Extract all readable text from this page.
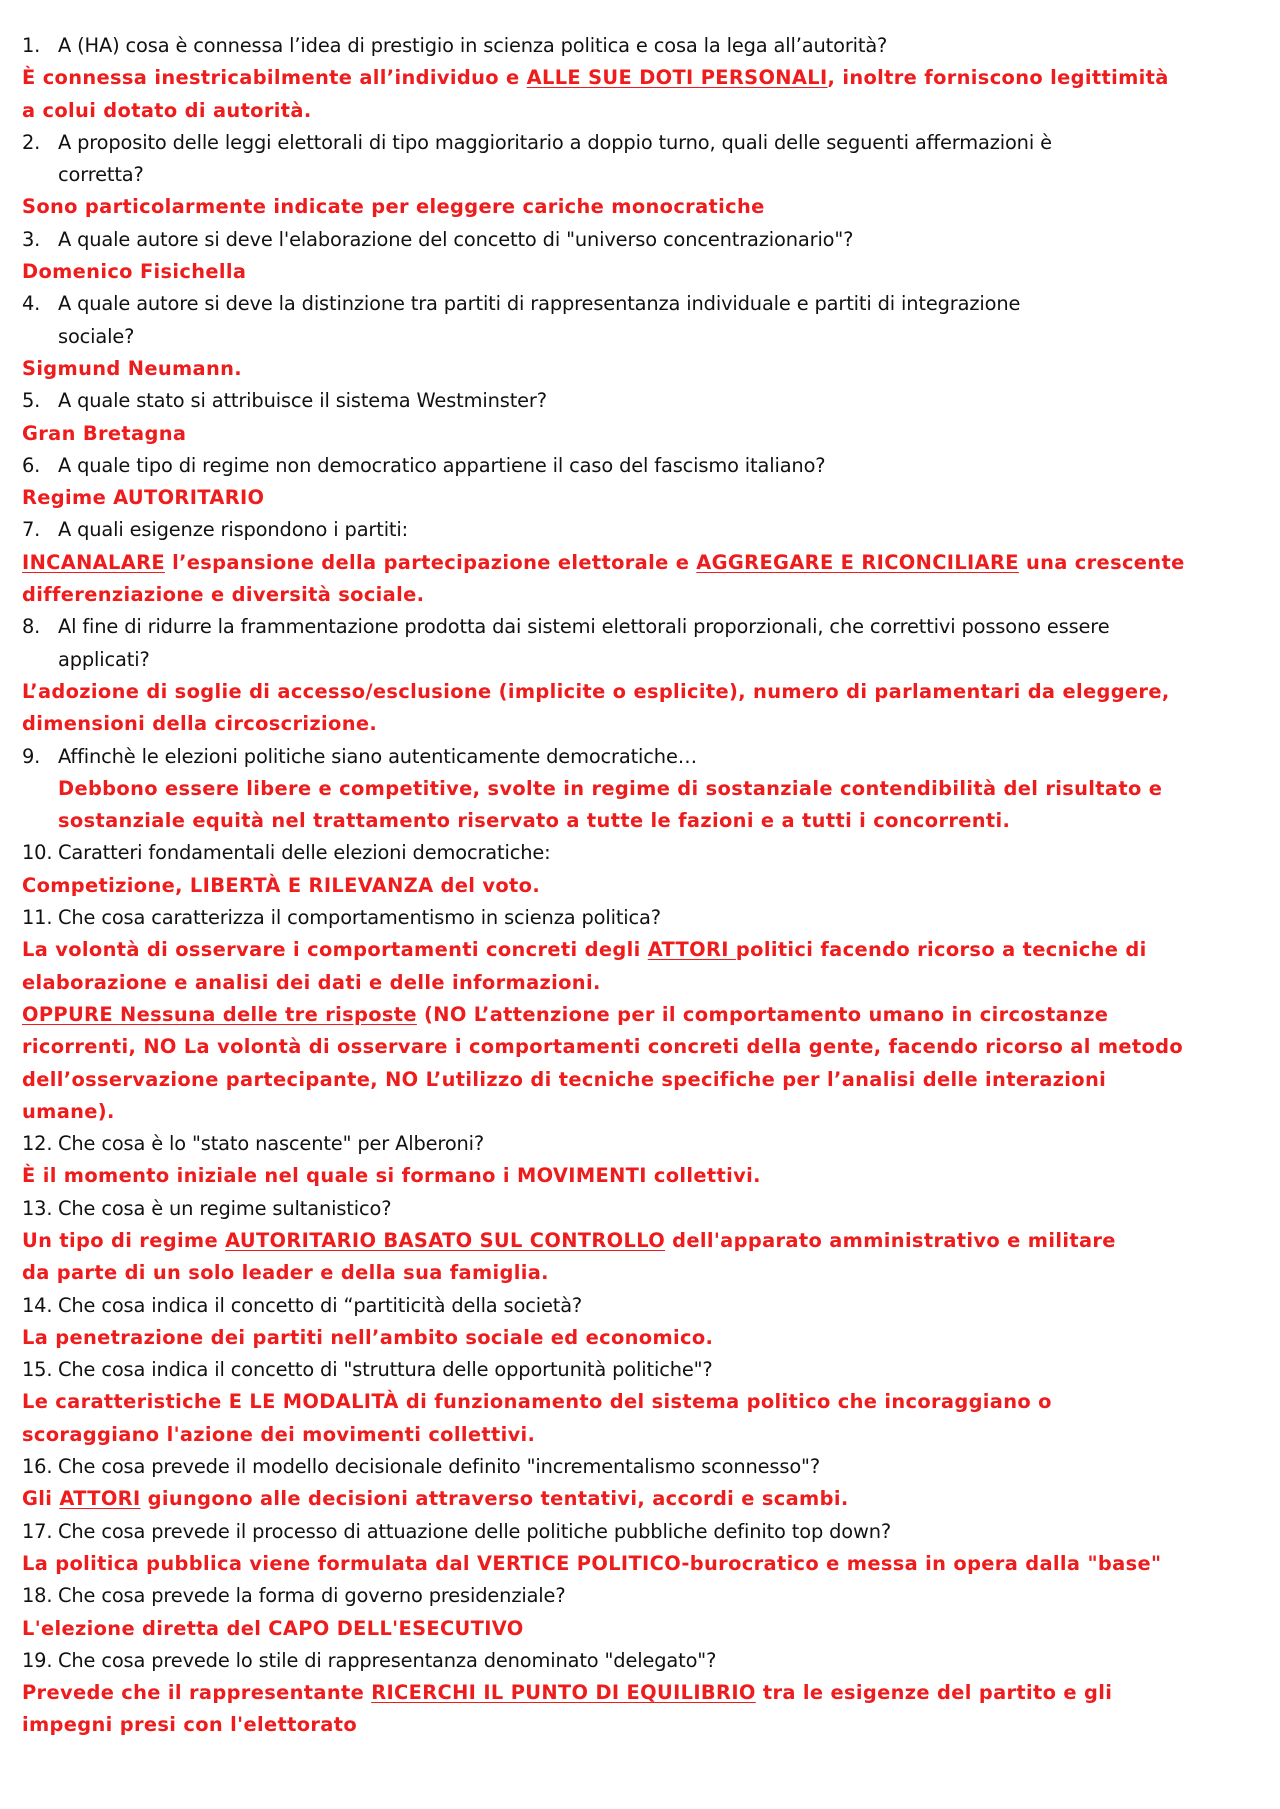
1. A (HA) cosa è connessa l’idea di prestigio in scienza politica e cosa la lega all’autorità?
È connessa inestricabilmente all’individuo e ALLE SUE DOTI PERSONALI, inoltre forniscono legittimità
a colui dotato di autorità.
2. A proposito delle leggi elettorali di tipo maggioritario a doppio turno, quali delle seguenti affermazioni è
corretta?
Sono particolarmente indicate per eleggere cariche monocratiche
3. A quale autore si deve l'elaborazione del concetto di "universo concentrazionario"?
Domenico Fisichella
4. A quale autore si deve la distinzione tra partiti di rappresentanza individuale e partiti di integrazione
sociale?
Sigmund Neumann.
5. A quale stato si attribuisce il sistema Westminster?
Gran Bretagna
6. A quale tipo di regime non democratico appartiene il caso del fascismo italiano?
Regime AUTORITARIO
7. A quali esigenze rispondono i partiti:
INCANALARE l’espansione della partecipazione elettorale e AGGREGARE E RICONCILIARE una crescente
differenziazione e diversità sociale.
8. Al fine di ridurre la frammentazione prodotta dai sistemi elettorali proporzionali, che correttivi possono essere
applicati?
L’adozione di soglie di accesso/esclusione (implicite o esplicite), numero di parlamentari da eleggere,
dimensioni della circoscrizione.
9. Affinchè le elezioni politiche siano autenticamente democratiche…
Debbono essere libere e competitive, svolte in regime di sostanziale contendibilità del risultato e
sostanziale equità nel trattamento riservato a tutte le fazioni e a tutti i concorrenti.
10. Caratteri fondamentali delle elezioni democratiche:
Competizione, LIBERTÀ E RILEVANZA del voto.
11. Che cosa caratterizza il comportamentismo in scienza politica?
La volontà di osservare i comportamenti concreti degli ATTORI politici facendo ricorso a tecniche di
elaborazione e analisi dei dati e delle informazioni.
OPPURE Nessuna delle tre risposte (NO L’attenzione per il comportamento umano in circostanze
ricorrenti, NO La volontà di osservare i comportamenti concreti della gente, facendo ricorso al metodo
dell’osservazione partecipante, NO L’utilizzo di tecniche specifiche per l’analisi delle interazioni
umane).
12. Che cosa è lo "stato nascente" per Alberoni?
È il momento iniziale nel quale si formano i MOVIMENTI collettivi.
13. Che cosa è un regime sultanistico?
Un tipo di regime AUTORITARIO BASATO SUL CONTROLLO dell'apparato amministrativo e militare
da parte di un solo leader e della sua famiglia.
14. Che cosa indica il concetto di “partiticità della società?
La penetrazione dei partiti nell’ambito sociale ed economico.
15. Che cosa indica il concetto di "struttura delle opportunità politiche"?
Le caratteristiche E LE MODALITÀ di funzionamento del sistema politico che incoraggiano o
scoraggiano l'azione dei movimenti collettivi.
16. Che cosa prevede il modello decisionale definito "incrementalismo sconnesso"?
Gli ATTORI giungono alle decisioni attraverso tentativi, accordi e scambi.
17. Che cosa prevede il processo di attuazione delle politiche pubbliche definito top down?
La politica pubblica viene formulata dal VERTICE POLITICO-burocratico e messa in opera dalla "base"
18. Che cosa prevede la forma di governo presidenziale?
L'elezione diretta del CAPO DELL'ESECUTIVO
19. Che cosa prevede lo stile di rappresentanza denominato "delegato"?
Prevede che il rappresentante RICERCHI IL PUNTO DI EQUILIBRIO tra le esigenze del partito e gli
impegni presi con l'elettorato
